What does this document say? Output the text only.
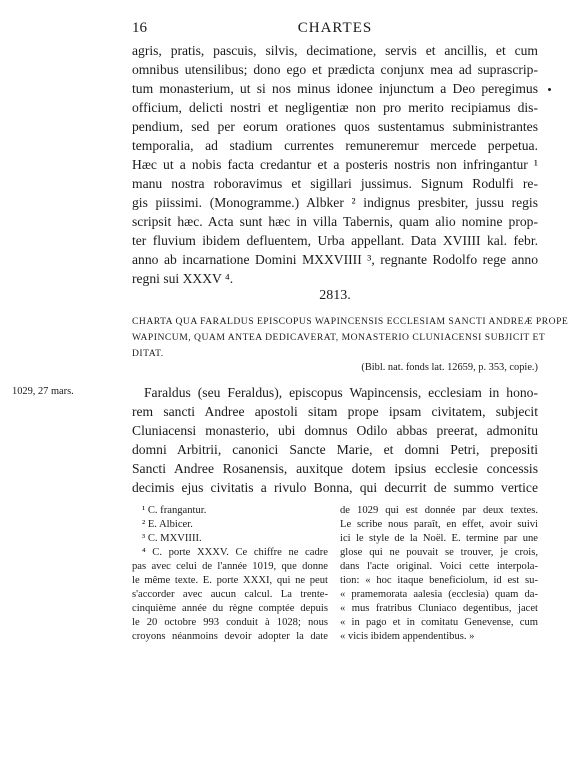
16	CHARTES
agris, pratis, pascuis, silvis, decimatione, servis et ancillis, et cum
omnibus utensilibus; dono ego et prædicta conjunx mea ad suprascrip-
tum monasterium, ut si nos minus idonee injunctum a Deo peregimus
officium, delicti nostri et negligentiæ non pro merito recipiamus dis-
pendium, sed per eorum orationes quos sustentamus subministrantes
temporalia, ad stadium currentes remuneremur mercede perpetua.
Hæc ut a nobis facta credantur et a posteris nostris non infringantur ¹
manu nostra roboravimus et sigillari jussimus. Signum Rodulfi re-
gis piissimi. (Monogramme.) Albker ² indignus presbiter, jussu regis
scripsit hæc. Acta sunt hæc in villa Tabernis, quam alio nomine prop-
ter fluvium ibidem defluentem, Urba appellant. Data XVIIII kal. febr.
anno ab incarnatione Domini MXXVIIII ³, regnante Rodolfo rege anno
regni sui XXXV ⁴.
2813.
CHARTA QUA FARALDUS EPISCOPUS WAPINCENSIS ECCLESIAM SANCTI ANDREÆ PROPE
WAPINCUM, QUAM ANTEA DEDICAVERAT, MONASTERIO CLUNIACENSI SUBJICIT ET
DITAT.
(Bibl. nat. fonds lat. 12659, p. 353, copie.)
1029, 27 mars.	Faraldus (seu Feraldus), episcopus Wapincensis, ecclesiam in hono-
rem sancti Andree apostoli sitam prope ipsam civitatem, subjecit
Cluniacensi monasterio, ubi domnus Odilo abbas preerat, admonitu
domni Arbitrii, canonici Sancte Marie, et domni Petri, prepositi
Sancti Andree Rosanensis, auxitque dotem ipsius ecclesie concessis
decimis ejus civitatis a rivulo Bonna, qui decurrit de summo vertice
¹ C. frangantur.
² E. Albicer.
³ C. MXVIIII.
⁴ C. porte XXXV. Ce chiffre ne cadre
pas avec celui de l'année 1019, que donne
le même texte. E. porte XXXI, qui ne peut
s'accorder avec aucun calcul. La trente-
cinquième année du règne comptée depuis
le 20 octobre 993 conduit à 1028; nous
croyons néanmoins devoir adopter la date
de 1029 qui est donnée par deux textes.
Le scribe nous paraît, en effet, avoir suivi
ici le style de la Noël. E. termine par une
glose qui ne pouvait se trouver, je crois,
dans l'acte original. Voici cette interpola-
tion: « hoc itaque beneficiolum, id est su-
« pramemorata aalesia (ecclesia) quam da-
« mus fratribus Cluniaco degentibus, jacet
« in pago et in comitatu Genevense, cum
« vicis ibidem appendentibus. »
